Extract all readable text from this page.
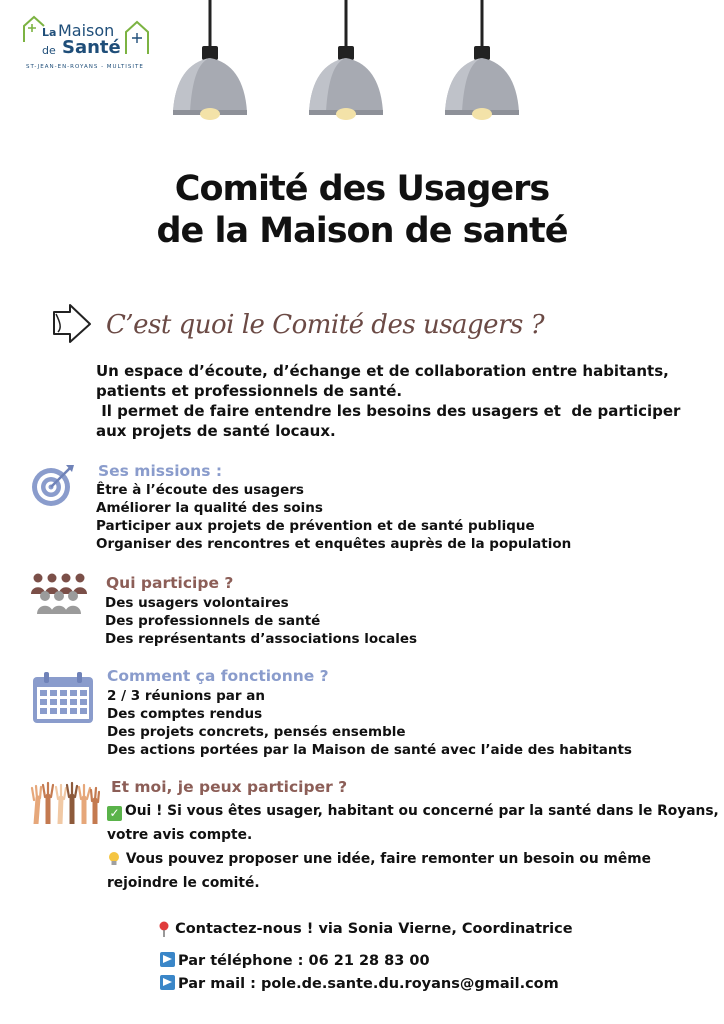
La Maison
de Santé
ST-JEAN-EN-ROYANS - MULTISITE
Comité des Usagers
de la Maison de santé
C’est quoi le Comité des usagers ?
Un espace d’écoute, d’échange et de collaboration entre habitants,
patients et professionnels de santé.
Il permet de faire entendre les besoins des usagers et  de participer
aux projets de santé locaux.
Ses missions :
Être à l’écoute des usagers
Améliorer la qualité des soins
Participer aux projets de prévention et de santé publique
Organiser des rencontres et enquêtes auprès de la population
Qui participe ?
Des usagers volontaires
Des professionnels de santé
Des représentants d’associations locales
Comment ça fonctionne ?
2 / 3 réunions par an
Des comptes rendus
Des projets concrets, pensés ensemble
Des actions portées par la Maison de santé avec l’aide des habitants
Et moi, je peux participer ?
✓ Oui ! Si vous êtes usager, habitant ou concerné par la santé dans le Royans,
votre avis compte.
Vous pouvez proposer une idée, faire remonter un besoin ou même
rejoindre le comité.
Contactez-nous ! via Sonia Vierne, Coordinatrice
Par téléphone : 06 21 28 83 00
Par mail : pole.de.sante.du.royans@gmail.com
